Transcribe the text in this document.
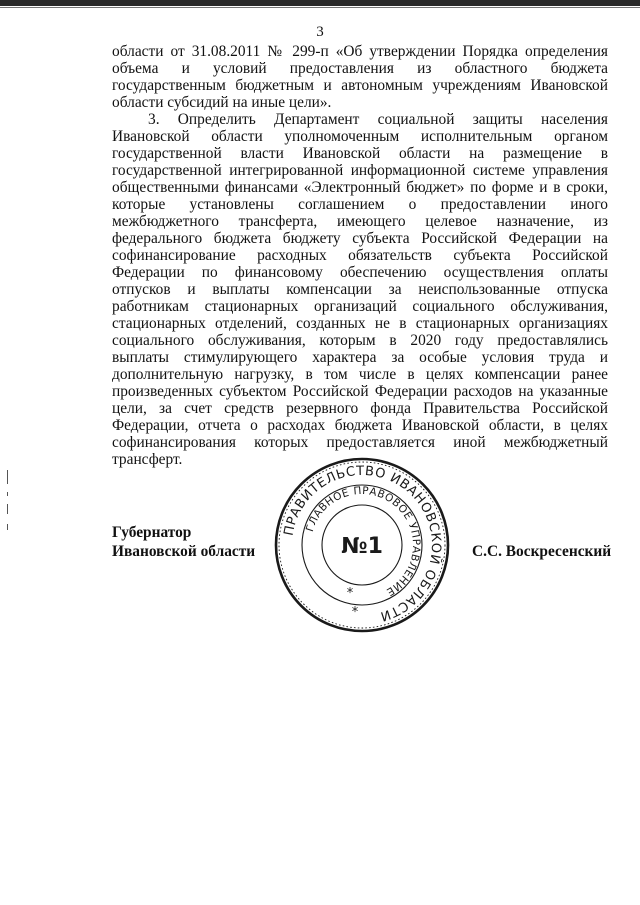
3

области от 31.08.2011 № 299-п «Об утверждении Порядка определения
объема и условий предоставления из областного бюджета
государственным бюджетным и автономным учреждениям Ивановской
области субсидий на иные цели».

3. Определить Департамент социальной защиты населения
Ивановской области уполномоченным исполнительным органом
государственной власти Ивановской области на размещение в
государственной интегрированной информационной системе управления
общественными финансами «Электронный бюджет» по форме и в сроки,
которые установлены соглашением о предоставлении иного
межбюджетного трансферта, имеющего целевое назначение, из
федерального бюджета бюджету субъекта Российской Федерации на
софинансирование расходных обязательств субъекта Российской
Федерации по финансовому обеспечению осуществления оплаты
отпусков и выплаты компенсации за неиспользованные отпуска
работникам стационарных организаций социального обслуживания,
стационарных отделений, созданных не в стационарных организациях
социального обслуживания, которым в 2020 году предоставлялись
выплаты стимулирующего характера за особые условия труда и
дополнительную нагрузку, в том числе в целях компенсации ранее
произведенных субъектом Российской Федерации расходов на указанные
цели, за счет средств резервного фонда Правительства Российской
Федерации, отчета о расходах бюджета Ивановской области, в целях
софинансирования которых предоставляется иной межбюджетный
трансферт.

Губернатор
Ивановской области
ПРАВИТЕЛЬСТВО ИВАНОВСКОЙ ОБЛАСТИ
ГЛАВНОЕ ПРАВОВОЕ УПРАВЛЕНИЕ
№1
*
*
С.С. Воскресенский
